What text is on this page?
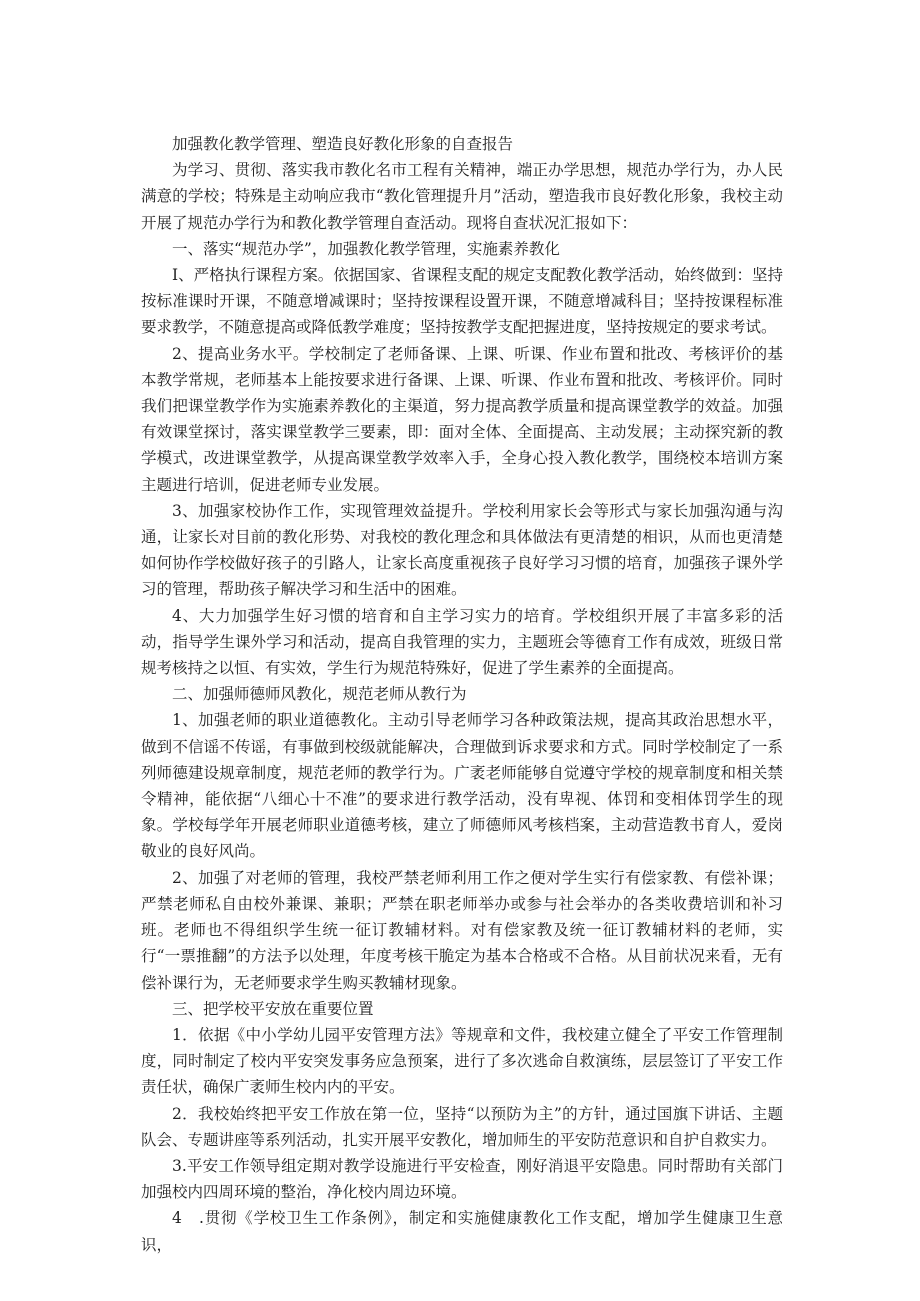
加强教化教学管理、塑造良好教化形象的自查报告

为学习、贯彻、落实我市教化名市工程有关精神，端正办学思想，规范办学行为，办人民满意的学校；特殊是主动响应我市“教化管理提升月”活动，塑造我市良好教化形象，我校主动开展了规范办学行为和教化教学管理自查活动。现将自查状况汇报如下：

一、落实“规范办学”，加强教化教学管理，实施素养教化

I、严格执行课程方案。依据国家、省课程支配的规定支配教化教学活动，始终做到：坚持按标准课时开课，不随意增减课时；坚持按课程设置开课，不随意增减科目；坚持按课程标准要求教学，不随意提高或降低教学难度；坚持按教学支配把握进度，坚持按规定的要求考试。

2、提高业务水平。学校制定了老师备课、上课、听课、作业布置和批改、考核评价的基本教学常规，老师基本上能按要求进行备课、上课、听课、作业布置和批改、考核评价。同时我们把课堂教学作为实施素养教化的主渠道，努力提高教学质量和提高课堂教学的效益。加强有效课堂探讨，落实课堂教学三要素，即：面对全体、全面提高、主动发展；主动探究新的教学模式，改进课堂教学，从提高课堂教学效率入手，全身心投入教化教学，围绕校本培训方案主题进行培训，促进老师专业发展。

3、加强家校协作工作，实现管理效益提升。学校利用家长会等形式与家长加强沟通与沟通，让家长对目前的教化形势、对我校的教化理念和具体做法有更清楚的相识，从而也更清楚如何协作学校做好孩子的引路人，让家长高度重视孩子良好学习习惯的培育，加强孩子课外学习的管理，帮助孩子解决学习和生活中的困难。

4、大力加强学生好习惯的培育和自主学习实力的培育。学校组织开展了丰富多彩的活动，指导学生课外学习和活动，提高自我管理的实力，主题班会等德育工作有成效，班级日常规考核持之以恒、有实效，学生行为规范特殊好，促进了学生素养的全面提高。

二、加强师德师风教化，规范老师从教行为

1、加强老师的职业道德教化。主动引导老师学习各种政策法规，提高其政治思想水平，做到不信谣不传谣，有事做到校级就能解决，合理做到诉求要求和方式。同时学校制定了一系列师德建设规章制度，规范老师的教学行为。广袤老师能够自觉遵守学校的规章制度和相关禁令精神，能依据“八细心十不准”的要求进行教学活动，没有卑视、体罚和变相体罚学生的现象。学校每学年开展老师职业道德考核，建立了师德师风考核档案，主动营造教书育人，爱岗敬业的良好风尚。

2、加强了对老师的管理，我校严禁老师利用工作之便对学生实行有偿家教、有偿补课；严禁老师私自由校外兼课、兼职；严禁在职老师举办或参与社会举办的各类收费培训和补习班。老师也不得组织学生统一征订教辅材料。对有偿家教及统一征订教辅材料的老师，实行“一票推翻”的方法予以处理，年度考核干脆定为基本合格或不合格。从目前状况来看，无有偿补课行为，无老师要求学生购买教辅材现象。

三、把学校平安放在重要位置

1．依据《中小学幼儿园平安管理方法》等规章和文件，我校建立健全了平安工作管理制度，同时制定了校内平安突发事务应急预案，进行了多次逃命自救演练，层层签订了平安工作责任状，确保广袤师生校内内的平安。

2．我校始终把平安工作放在第一位，坚持“以预防为主”的方针，通过国旗下讲话、主题队会、专题讲座等系列活动，扎实开展平安教化，增加师生的平安防范意识和自护自救实力。

3.平安工作领导组定期对教学设施进行平安检查，刚好消退平安隐患。同时帮助有关部门加强校内四周环境的整治，净化校内周边环境。

4　.贯彻《学校卫生工作条例》，制定和实施健康教化工作支配，增加学生健康卫生意识，
